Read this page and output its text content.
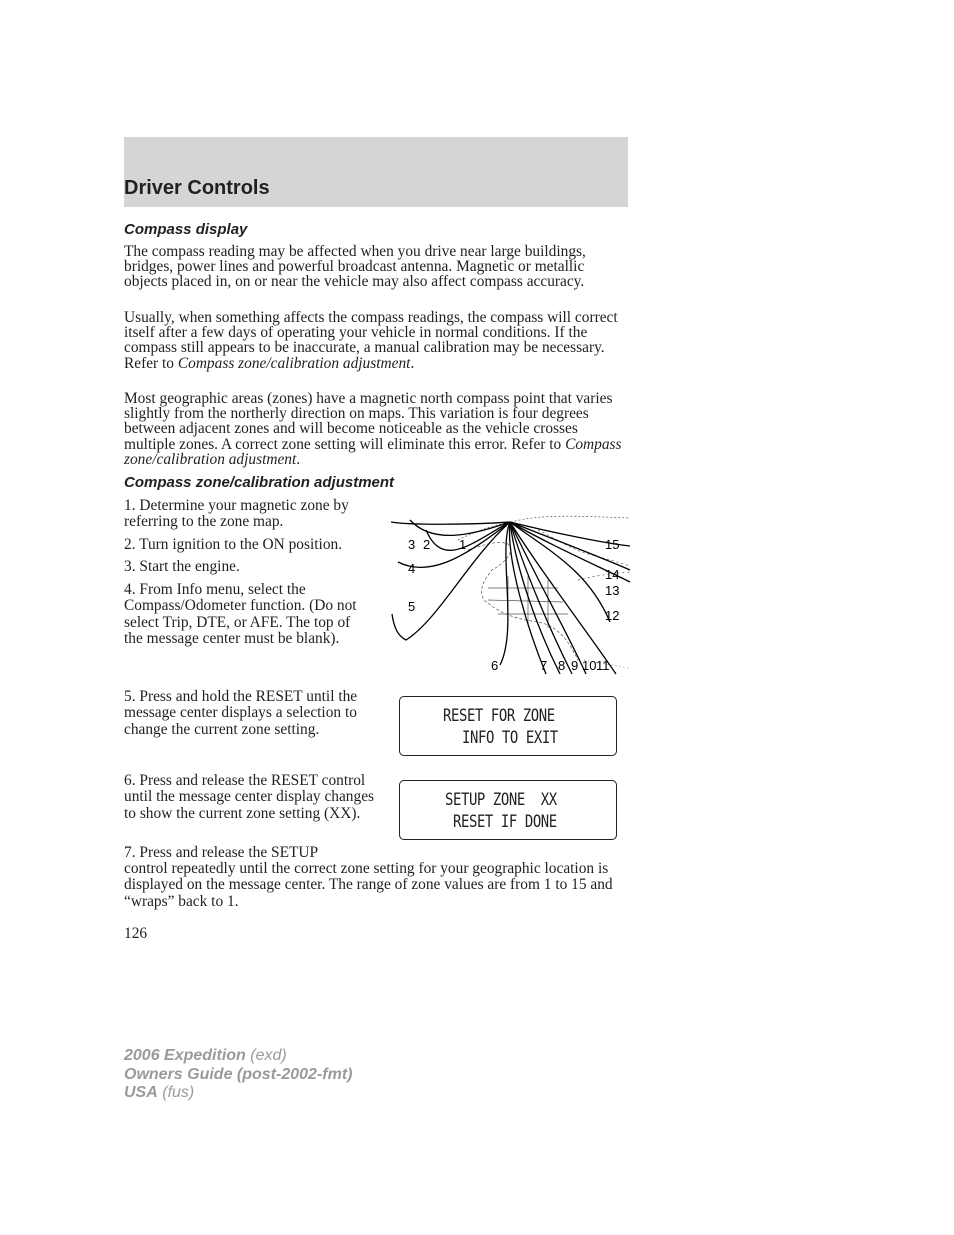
Driver Controls
Compass display

The compass reading may be affected when you drive near large buildings, bridges, power lines and powerful broadcast antenna. Magnetic or metallic objects placed in, on or near the vehicle may also affect compass accuracy.

Usually, when something affects the compass readings, the compass will correct itself after a few days of operating your vehicle in normal conditions. If the compass still appears to be inaccurate, a manual calibration may be necessary. Refer to Compass zone/calibration adjustment.

Most geographic areas (zones) have a magnetic north compass point that varies slightly from the northerly direction on maps. This variation is four degrees between adjacent zones and will become noticeable as the vehicle crosses multiple zones. A correct zone setting will eliminate this error. Refer to Compass zone/calibration adjustment.

Compass zone/calibration adjustment

1. Determine your magnetic zone by referring to the zone map.

2. Turn ignition to the ON position.

3. Start the engine.

4. From Info menu, select the Compass/Odometer function. (Do not select Trip, DTE, or AFE. The top of the message center must be blank).

1
2
3
4
5
6	7 8 9 10 11
12
13
14
15

5. Press and hold the RESET until the message center displays a selection to change the current zone setting.

RESET FOR ZONE
INFO TO EXIT

6. Press and release the RESET control until the message center display changes to show the current zone setting (XX).

SETUP ZONE  XX
RESET IF DONE

7. Press and release the SETUP

control repeatedly until the correct zone setting for your geographic location is displayed on the message center. The range of zone values are from 1 to 15 and “wraps” back to 1.

126
2006 Expedition (exd)
Owners Guide (post-2002-fmt)
USA (fus)
